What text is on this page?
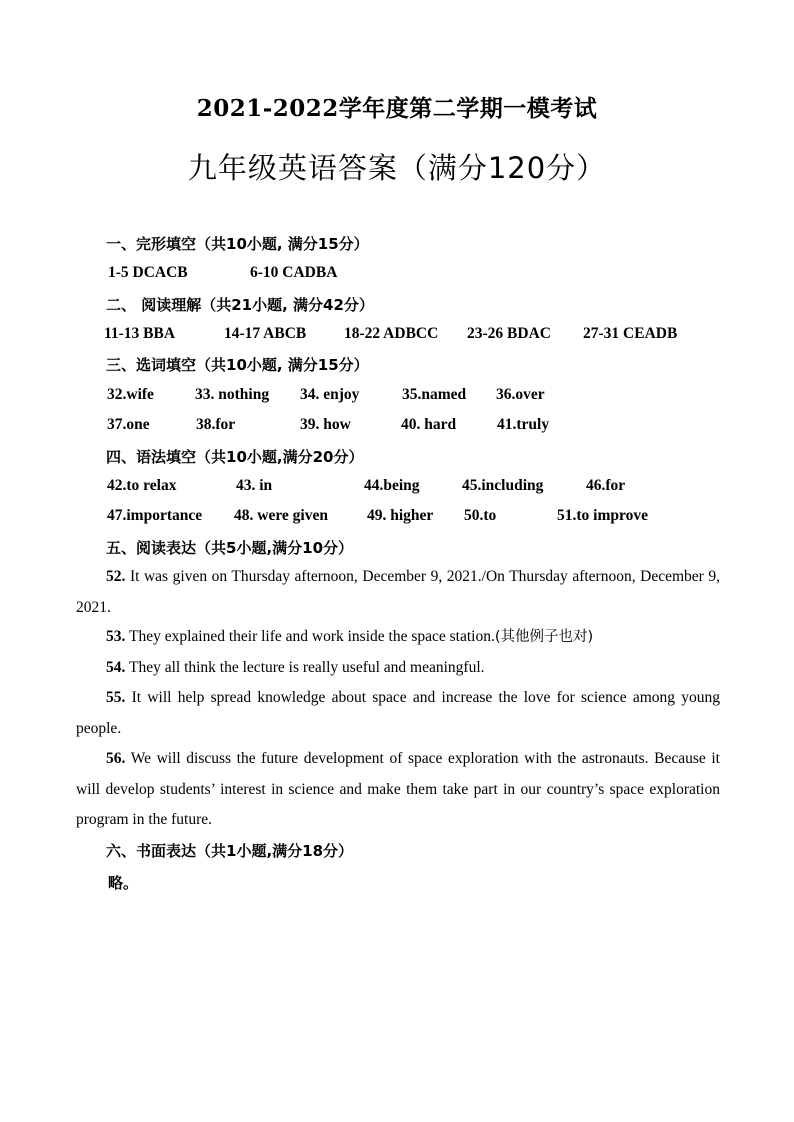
2021-2022学年度第二学期一模考试
九年级英语答案（满分120分）
一、完形填空（共10小题, 满分15分）
1-5 DCACB	6-10 CADBA
二、 阅读理解（共21小题, 满分42分）
11-13 BBA	14-17 ABCB 18-22 ADBCC 23-26 BDAC 27-31 CEADB
三、选词填空（共10小题, 满分15分）
32.wife	33. nothing 34. enjoy	35.named 36.over
37.one	38.for	39. how	40. hard	41.truly
四、语法填空（共10小题,满分20分）
42.to relax	43. in	44.being	45.including	46.for
47.importance 48. were given	49. higher 50.to	51.to improve
五、阅读表达（共5小题,满分10分）
52. It was given on Thursday afternoon, December 9, 2021./On Thursday afternoon, December 9, 2021.
53. They explained their life and work inside the space station.(其他例子也对)
54. They all think the lecture is really useful and meaningful.
55. It will help spread knowledge about space and increase the love for science among young people.
56. We will discuss the future development of space exploration with the astronauts. Because it will develop students’ interest in science and make them take part in our country’s space exploration program in the future.
六、书面表达（共1小题,满分18分）
略。
